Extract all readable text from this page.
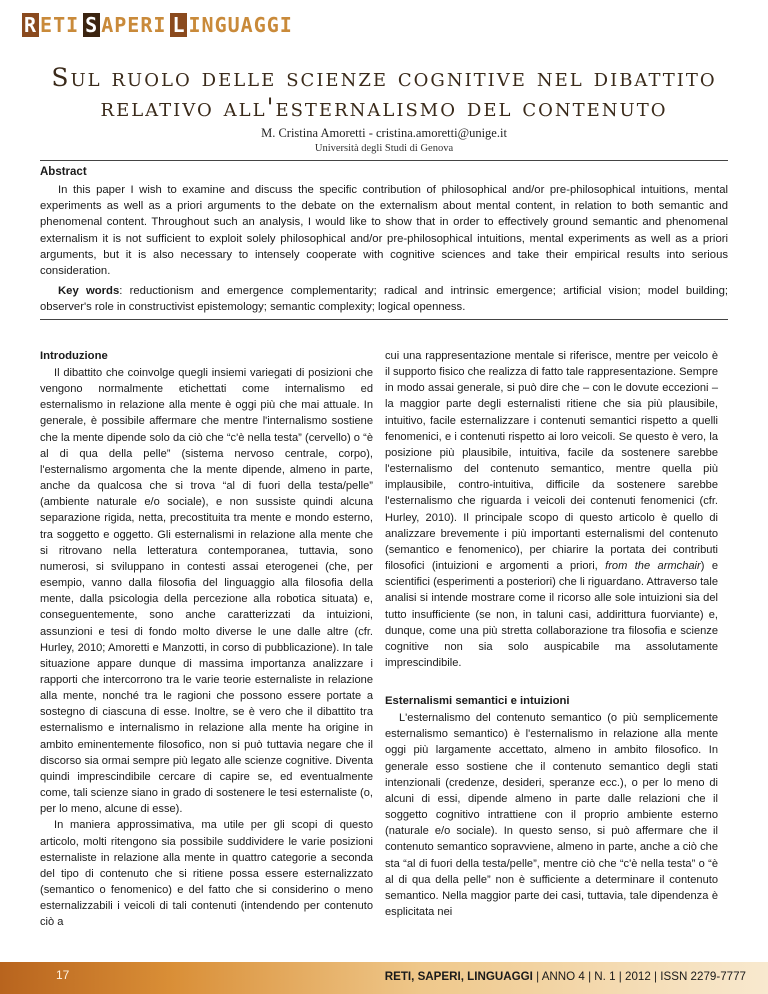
R ETI S APERI L INGUAGGI
Sul ruolo delle scienze cognitive nel dibattito relativo all'esternalismo del contenuto
M. Cristina Amoretti - cristina.amoretti@unige.it
Università degli Studi di Genova
Abstract

In this paper I wish to examine and discuss the specific contribution of philosophical and/or pre-philosophical intuitions, mental experiments as well as a priori arguments to the debate on the externalism about mental content, in relation to both semantic and phenomenal content. Throughout such an analysis, I would like to show that in order to effectively ground semantic and phenomenal externalism it is not sufficient to exploit solely philosophical and/or pre-philosophical intuitions, mental experiments as well as a priori arguments, but it is also necessary to intensely cooperate with cognitive sciences and take their empirical results into serious consideration.

Key words: reductionism and emergence complementarity; radical and intrinsic emergence; artificial vision; model building; observer's role in constructivist epistemology; semantic complexity; logical openness.

Introduzione

Il dibattito che coinvolge quegli insiemi variegati di posizioni che vengono normalmente etichettati come internalismo ed esternalismo in relazione alla mente è oggi più che mai attuale. In generale, è possibile affermare che mentre l'internalismo sostiene che la mente dipende solo da ciò che “c'è nella testa” (cervello) o “è al di qua della pelle” (sistema nervoso centrale, corpo), l'esternalismo argomenta che la mente dipende, almeno in parte, anche da qualcosa che si trova “al di fuori della testa/pelle” (ambiente naturale e/o sociale), e non sussiste quindi alcuna separazione rigida, netta, precostituita tra mente e mondo esterno, tra soggetto e oggetto. Gli esternalismi in relazione alla mente che si ritrovano nella letteratura contemporanea, tuttavia, sono numerosi, si sviluppano in contesti assai eterogenei (che, per esempio, vanno dalla filosofia del linguaggio alla filosofia della mente, dalla psicologia della percezione alla robotica situata) e, conseguentemente, sono anche caratterizzati da intuizioni, assunzioni e tesi di fondo molto diverse le une dalle altre (cfr. Hurley, 2010; Amoretti e Manzotti, in corso di pubblicazione). In tale situazione appare dunque di massima importanza analizzare i rapporti che intercorrono tra le varie teorie esternaliste in relazione alla mente, nonché tra le ragioni che possono essere portate a sostegno di ciascuna di esse. Inoltre, se è vero che il dibattito tra esternalismo e internalismo in relazione alla mente ha origine in ambito eminentemente filosofico, non si può tuttavia negare che il discorso sia ormai sempre più legato alle scienze cognitive. Diventa quindi imprescindibile cercare di capire se, ed eventualmente come, tali scienze siano in grado di sostenere le tesi esternaliste (o, per lo meno, alcune di esse).

In maniera approssimativa, ma utile per gli scopi di questo articolo, molti ritengono sia possibile suddividere le varie posizioni esternaliste in relazione alla mente in quattro categorie a seconda del tipo di contenuto che si ritiene possa essere esternalizzato (semantico o fenomenico) e del fatto che si considerino o meno esternalizzabili i veicoli di tali contenuti (intendendo per contenuto ciò a

cui una rappresentazione mentale si riferisce, mentre per veicolo è il supporto fisico che realizza di fatto tale rappresentazione. Sempre in modo assai generale, si può dire che – con le dovute eccezioni – la maggior parte degli esternalisti ritiene che sia più plausibile, intuitivo, facile esternalizzare i contenuti semantici rispetto a quelli fenomenici, e i contenuti rispetto ai loro veicoli. Se questo è vero, la posizione più plausibile, intuitiva, facile da sostenere sarebbe l'esternalismo del contenuto semantico, mentre quella più implausibile, contro-intuitiva, difficile da sostenere sarebbe l'esternalismo che riguarda i veicoli dei contenuti fenomenici (cfr. Hurley, 2010). Il principale scopo di questo articolo è quello di analizzare brevemente i più importanti esternalismi del contenuto (semantico e fenomenico), per chiarire la portata dei contributi filosofici (intuizioni e argomenti a priori, from the armchair) e scientifici (esperimenti a posteriori) che li riguardano. Attraverso tale analisi si intende mostrare come il ricorso alle sole intuizioni sia del tutto insufficiente (se non, in taluni casi, addirittura fuorviante) e, dunque, come una più stretta collaborazione tra filosofia e scienze cognitive non sia solo auspicabile ma assolutamente imprescindibile.

Esternalismi semantici e intuizioni

L'esternalismo del contenuto semantico (o più semplicemente esternalismo semantico) è l'esternalismo in relazione alla mente oggi più largamente accettato, almeno in ambito filosofico. In generale esso sostiene che il contenuto semantico degli stati intenzionali (credenze, desideri, speranze ecc.), o per lo meno di alcuni di essi, dipende almeno in parte dalle relazioni che il soggetto cognitivo intrattiene con il proprio ambiente esterno (naturale e/o sociale). In questo senso, si può affermare che il contenuto semantico sopravviene, almeno in parte, anche a ciò che sta “al di fuori della testa/pelle”, mentre ciò che “c'è nella testa” o “è al di qua della pelle” non è sufficiente a determinare il contenuto semantico. Nella maggior parte dei casi, tuttavia, tale dipendenza è esplicitata nei

17	RETI, SAPERI, LINGUAGGI | ANNO 4 | N. 1 | 2012 | ISSN 2279-7777
